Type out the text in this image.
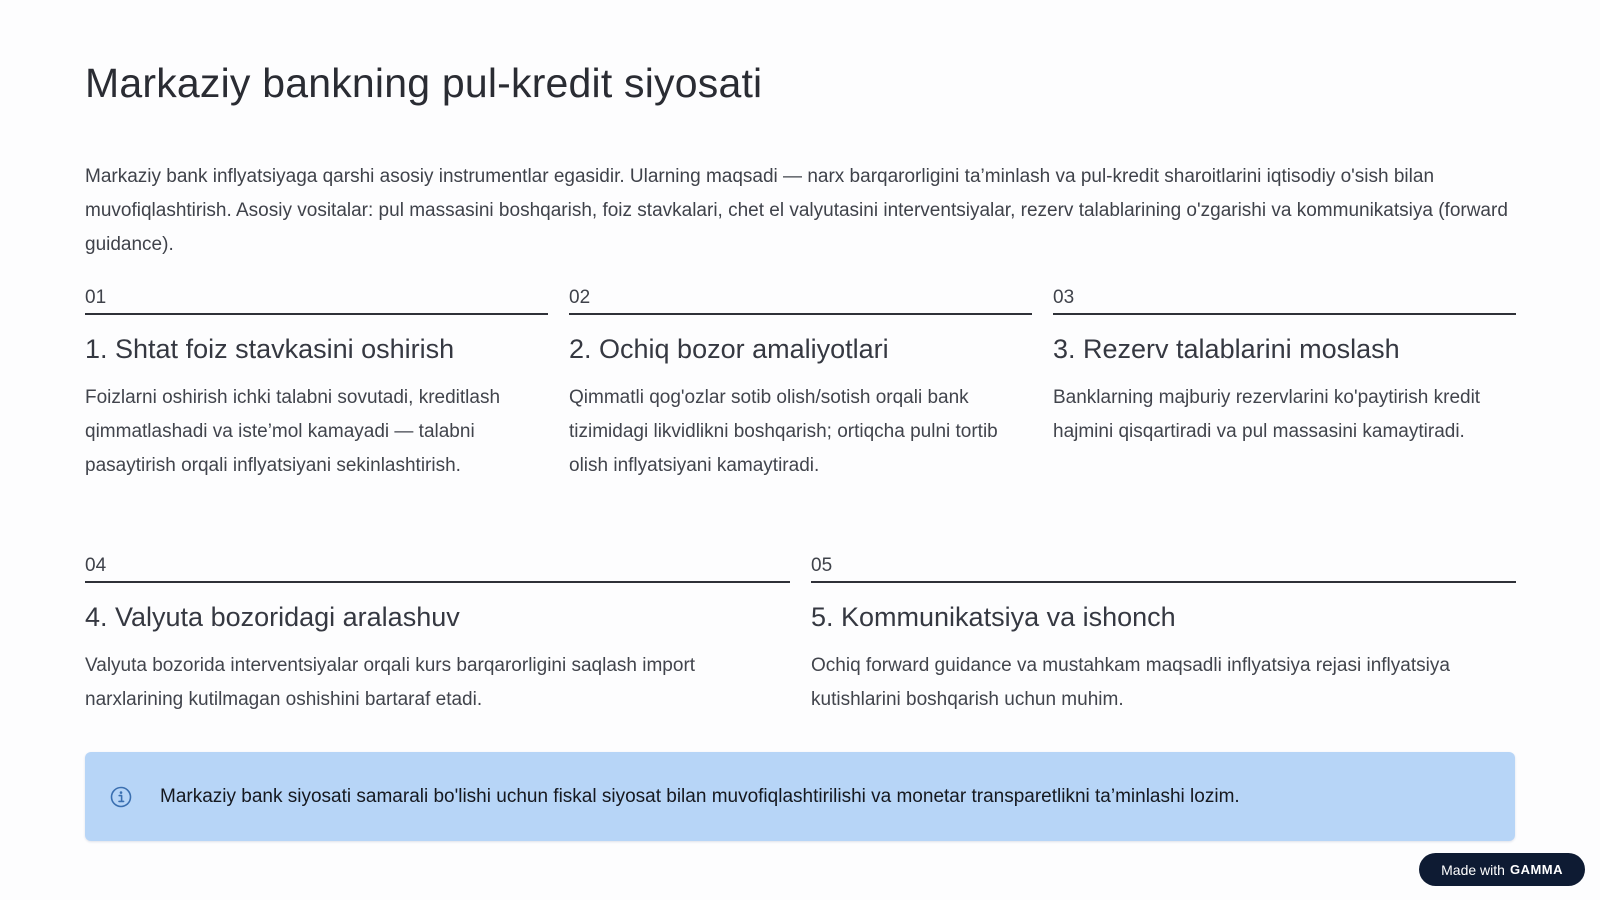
Markaziy bankning pul-kredit siyosati

Markaziy bank inflyatsiyaga qarshi asosiy instrumentlar egasidir. Ularning maqsadi — narx barqarorligini ta’minlash va pul-kredit sharoitlarini iqtisodiy o'sish bilan muvofiqlashtirish. Asosiy vositalar: pul massasini boshqarish, foiz stavkalari, chet el valyutasini interventsiyalar, rezerv talablarining o'zgarishi va kommunikatsiya (forward guidance).

01
1. Shtat foiz stavkasini oshirish

Foizlarni oshirish ichki talabni sovutadi, kreditlash qimmatlashadi va iste’mol kamayadi — talabni pasaytirish orqali inflyatsiyani sekinlashtirish.

02
2. Ochiq bozor amaliyotlari

Qimmatli qog'ozlar sotib olish/sotish orqali bank tizimidagi likvidlikni boshqarish; ortiqcha pulni tortib olish inflyatsiyani kamaytiradi.

03
3. Rezerv talablarini moslash

Banklarning majburiy rezervlarini ko'paytirish kredit hajmini qisqartiradi va pul massasini kamaytiradi.

04
4. Valyuta bozoridagi aralashuv

Valyuta bozorida interventsiyalar orqali kurs barqarorligini saqlash import narxlarining kutilmagan oshishini bartaraf etadi.

05
5. Kommunikatsiya va ishonch

Ochiq forward guidance va mustahkam maqsadli inflyatsiya rejasi inflyatsiya kutishlarini boshqarish uchun muhim.

Markaziy bank siyosati samarali bo'lishi uchun fiskal siyosat bilan muvofiqlashtirilishi va monetar transparetlikni ta’minlashi lozim.
Made with GAMMA
